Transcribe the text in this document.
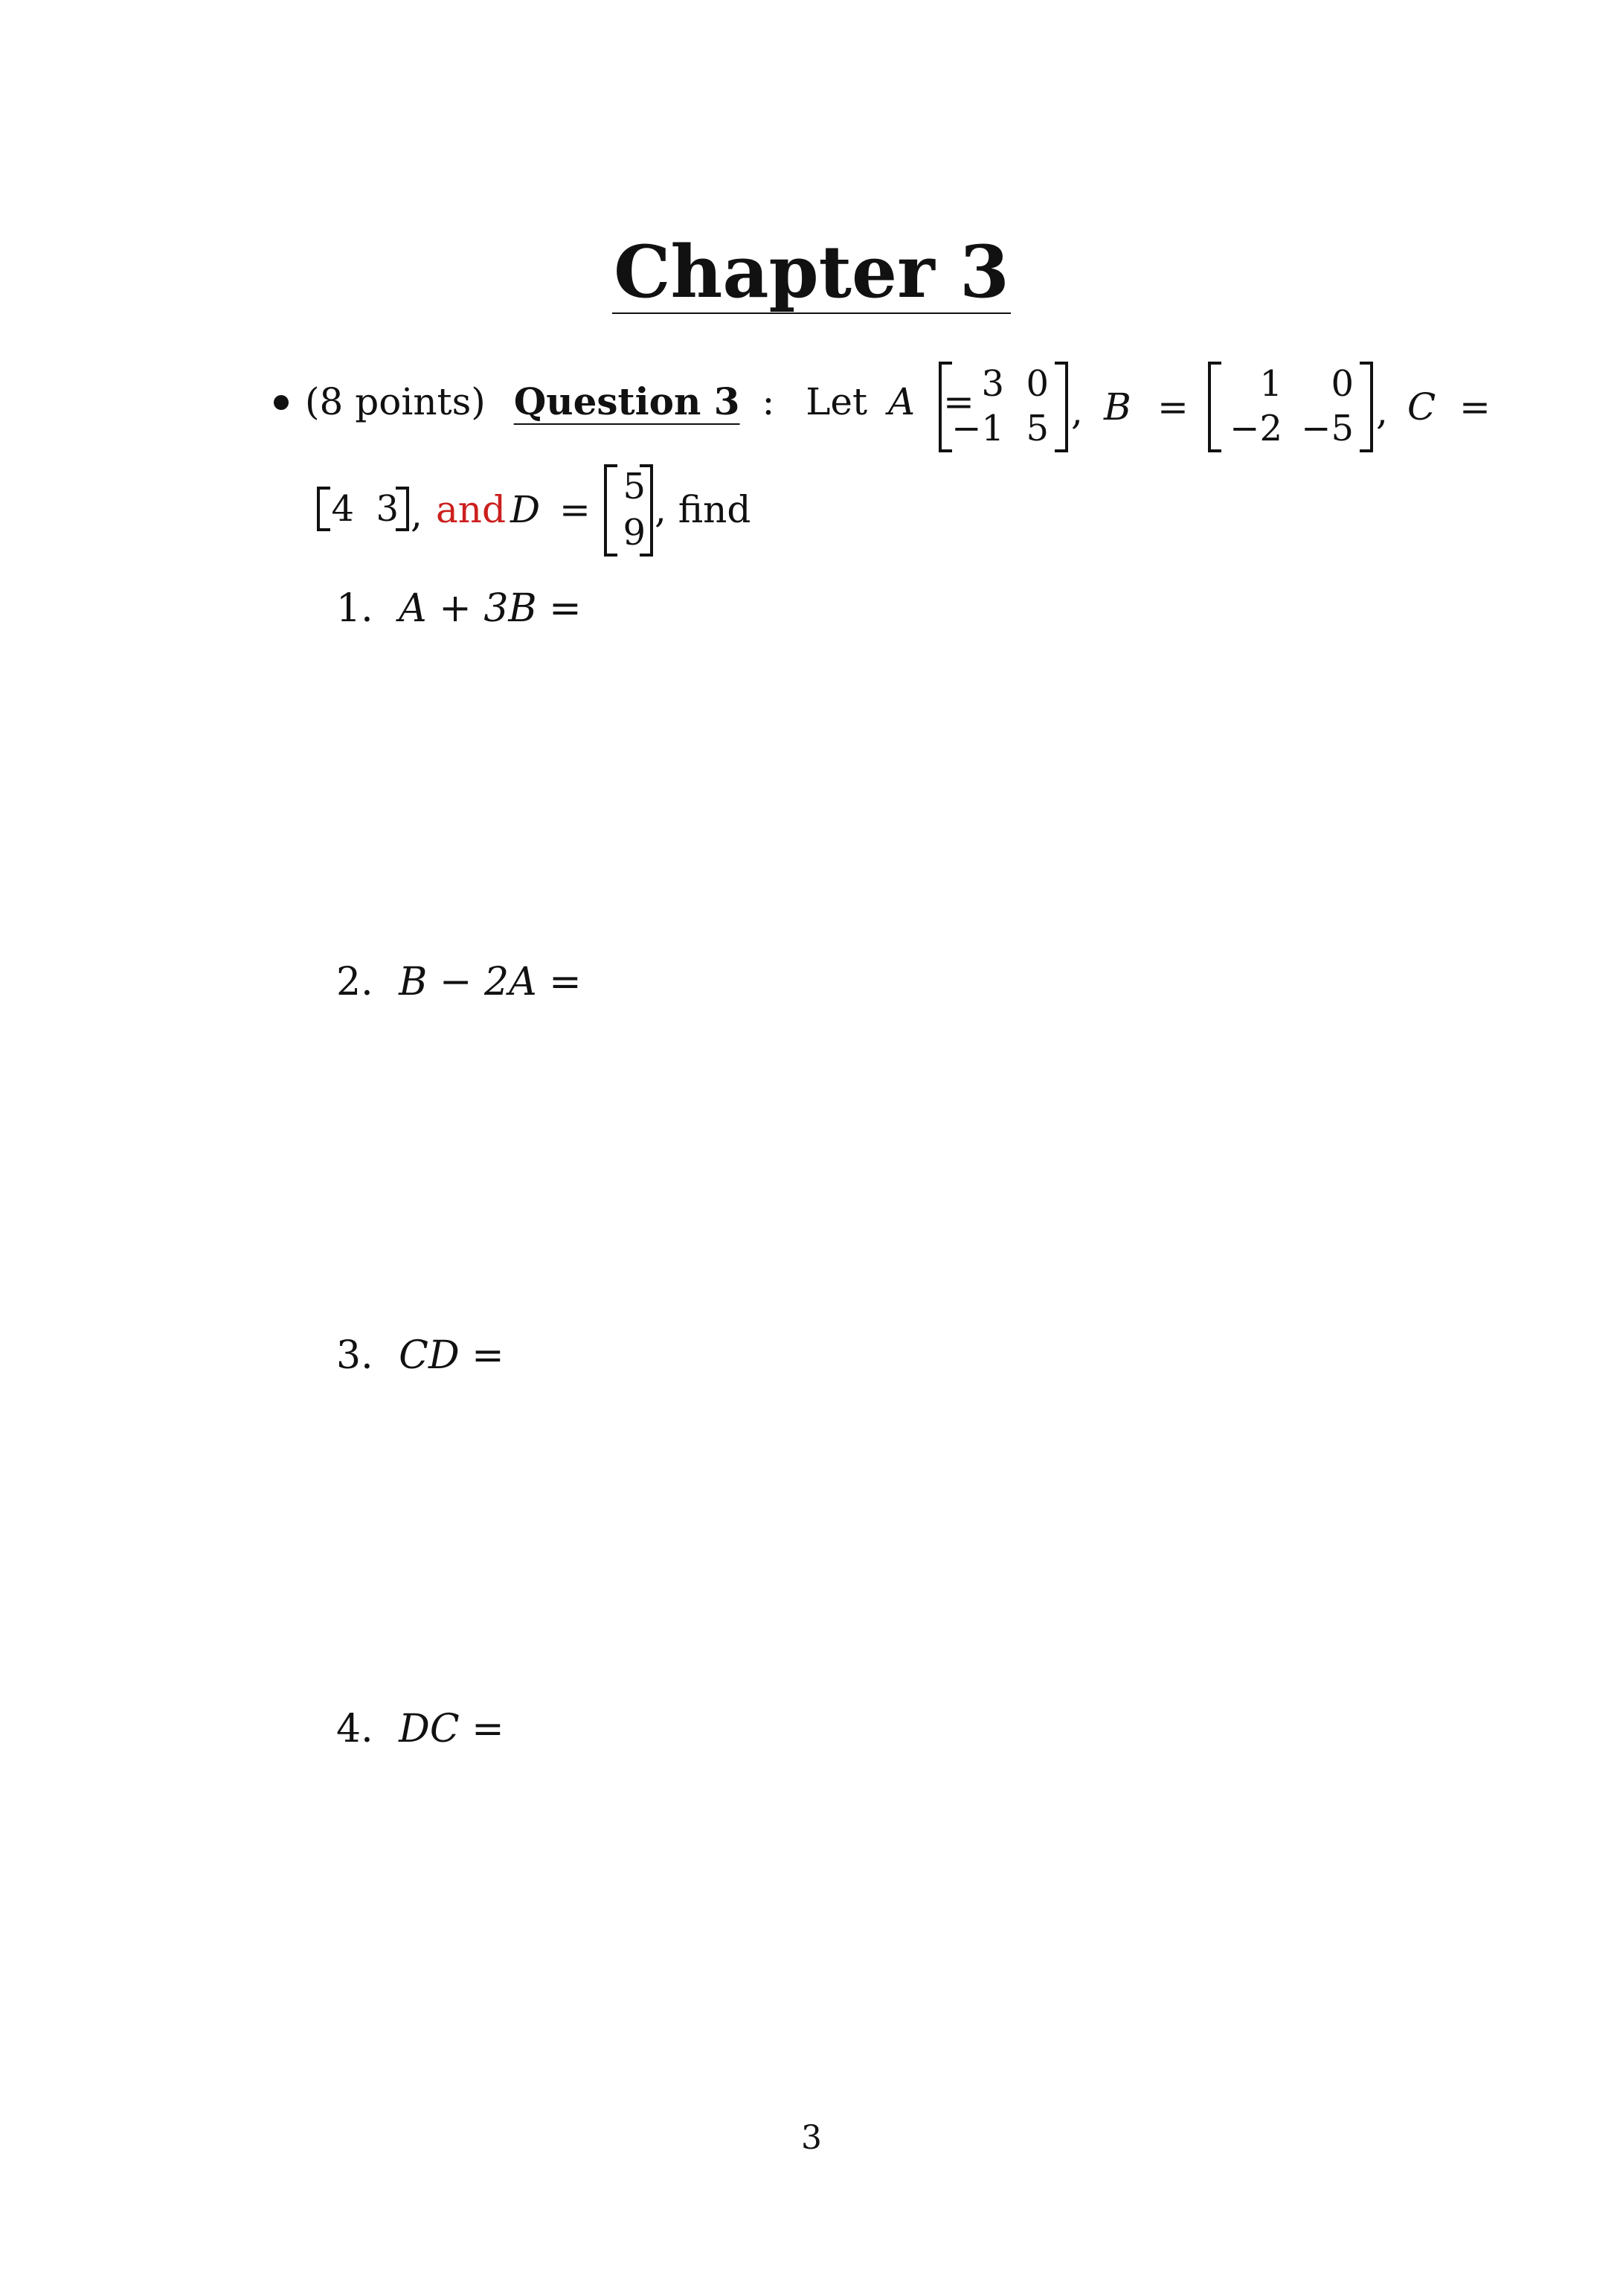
Chapter 3
(8 points) Question 3 : Let A = 3 0
−1 5 , B =
1	0
−2 −5 , C =
4 3 , and D =
5
9
, find
1. A + 3B =
2. B − 2A =
3. CD =
4. DC =
3
